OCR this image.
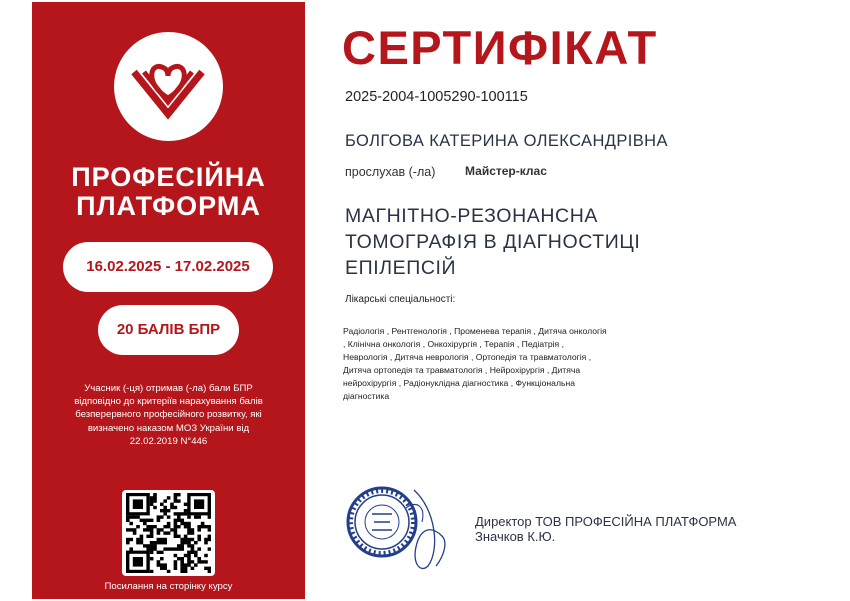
ПРОФЕСІЙНА
ПЛАТФОРМА
16.02.2025 - 17.02.2025
20 БАЛІВ БПР
Учасник (-ця) отримав (-ла) бали БПР
відповідно до критеріїв нарахування балів
безперервного професійного розвитку, які
визначено наказом МОЗ України від
22.02.2019 N°446
Посилання на сторінку курсу
СЕРТИФІКАТ
2025-2004-1005290-100115
БОЛГОВА КАТЕРИНА ОЛЕКСАНДРІВНА
прослухав (-ла) Майстер-клас
МАГНІТНО-РЕЗОНАНСНА
ТОМОГРАФІЯ В ДІАГНОСТИЦІ
ЕПІЛЕПСІЙ
Лікарські спеціальності:
Радіологія , Рентгенологія , Променева терапія , Дитяча онкологія
, Клінічна онкологія , Онкохірургія , Терапія , Педіатрія ,
Неврологія , Дитяча неврологія , Ортопедія та травматологія ,
Дитяча ортопедія та травматологія , Нейрохірургія , Дитяча
нейрохірургія , Радіонуклідна діагностика , Функціональна
діагностика
Директор ТОВ ПРОФЕСІЙНА ПЛАТФОРМА
Значков К.Ю.
